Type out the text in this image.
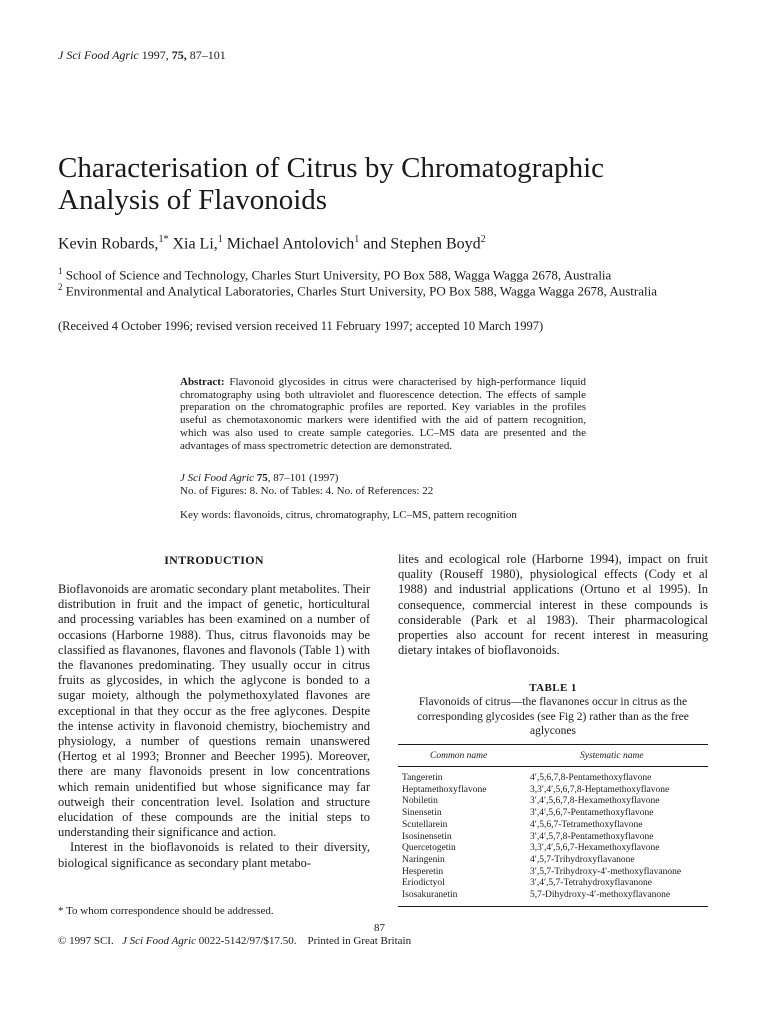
J Sci Food Agric 1997, 75, 87–101
Characterisation of Citrus by Chromatographic
Analysis of Flavonoids
Kevin Robards,$^{1*}$ Xia Li,$^1$ Michael Antolovich$^1$ and Stephen Boyd$^2$
$^1$ School of Science and Technology, Charles Sturt University, PO Box 588, Wagga Wagga 2678, Australia
$^2$ Environmental and Analytical Laboratories, Charles Sturt University, PO Box 588, Wagga Wagga 2678, Australia
(Received 4 October 1996; revised version received 11 February 1997; accepted 10 March 1997)
Abstract: Flavonoid glycosides in citrus were characterised by high-performance liquid chromatography using both ultraviolet and fluorescence detection. The effects of sample preparation on the chromatographic profiles are reported. Key variables in the profiles useful as chemotaxonomic markers were identified with the aid of pattern recognition, which was also used to create sample categories. LC–MS data are presented and the advantages of mass spectrometric detection are demonstrated.
J Sci Food Agric 75, 87–101 (1997)
No. of Figures: 8. No. of Tables: 4. No. of References: 22
Key words: flavonoids, citrus, chromatography, LC–MS, pattern recognition
INTRODUCTION

Bioflavonoids are aromatic secondary plant metabolites. Their distribution in fruit and the impact of genetic, horticultural and processing variables has been examined on a number of occasions (Harborne 1988). Thus, citrus flavonoids may be classified as flavanones, flavones and flavonols (Table 1) with the flavanones predominating. They usually occur in citrus fruits as glycosides, in which the aglycone is bonded to a sugar moiety, although the polymethoxylated flavones are exceptional in that they occur as the free aglycones. Despite the intense activity in flavonoid chemistry, biochemistry and physiology, a number of questions remain unanswered (Hertog et al 1993; Bronner and Beecher 1995). Moreover, there are many flavonoids present in low concentrations which remain unidentified but whose significance may far outweigh their concentration level. Isolation and structure elucidation of these compounds are the initial steps to understanding their significance and action.

Interest in the bioflavonoids is related to their diversity, biological significance as secondary plant metabo-

lites and ecological role (Harborne 1994), impact on fruit quality (Rouseff 1980), physiological effects (Cody et al 1988) and industrial applications (Ortuno et al 1995). In consequence, commercial interest in these compounds is considerable (Park et al 1983). Their pharmacological properties also account for recent interest in measuring dietary intakes of bioflavonoids.

TABLE 1
Flavonoids of citrus—the flavanones occur in citrus as the corresponding glycosides (see Fig 2) rather than as the free aglycones
Common name	Systematic name
Tangeretin
Heptamethoxyflavone
Nobiletin
Sinensetin
Scutellarein
Isosinensetin
Quercetogetin
Naringenin
Hesperetin
Eriodictyol
Isosakuranetin
4′,5,6,7,8-Pentamethoxyflavone
3,3′,4′,5,6,7,8-Heptamethoxyflavone
3′,4′,5,6,7,8-Hexamethoxyflavone
3′,4′,5,6,7-Pentamethoxyflavone
4′,5,6,7-Tetramethoxyflavone
3′,4′,5,7,8-Pentamethoxyflavone
3,3′,4′,5,6,7-Hexamethoxyflavone
4′,5,7-Trihydroxyflavanone
3′,5,7-Trihydroxy-4′-methoxyflavanone
3′,4′,5,7-Tetrahydroxyflavanone
5,7-Dihydroxy-4′-methoxyflavanone
* To whom correspondence should be addressed.
87
© 1997 SCI. J Sci Food Agric 0022-5142/97/$17.50. Printed in Great Britain
